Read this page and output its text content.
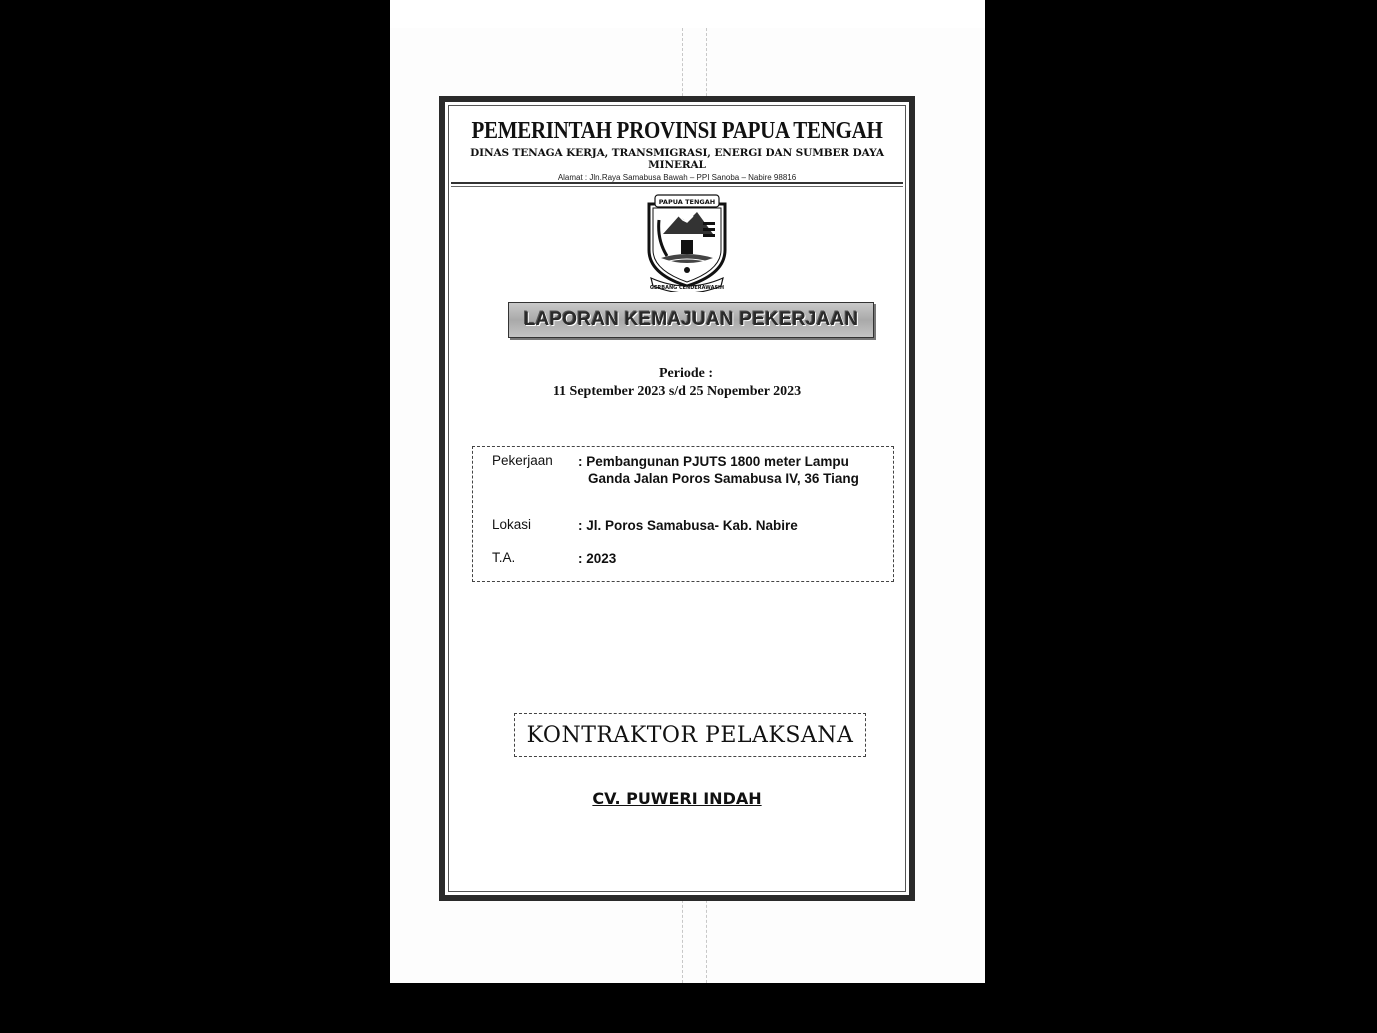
PEMERINTAH PROVINSI PAPUA TENGAH
DINAS TENAGA KERJA, TRANSMIGRASI, ENERGI DAN SUMBER DAYA MINERAL
Alamat : Jln.Raya Samabusa Bawah – PPI Sanoba – Nabire 98816
PAPUA TENGAH
GERBANG CENDERAWASIH
LAPORAN KEMAJUAN PEKERJAAN
Periode :
11 September 2023 s/d 25 Nopember 2023
Pekerjaan	: Pembangunan PJUTS 1800 meter Lampu
Ganda Jalan Poros Samabusa IV, 36 Tiang
Lokasi	: Jl. Poros Samabusa- Kab. Nabire
T.A.	: 2023
KONTRAKTOR PELAKSANA
CV. PUWERI INDAH
